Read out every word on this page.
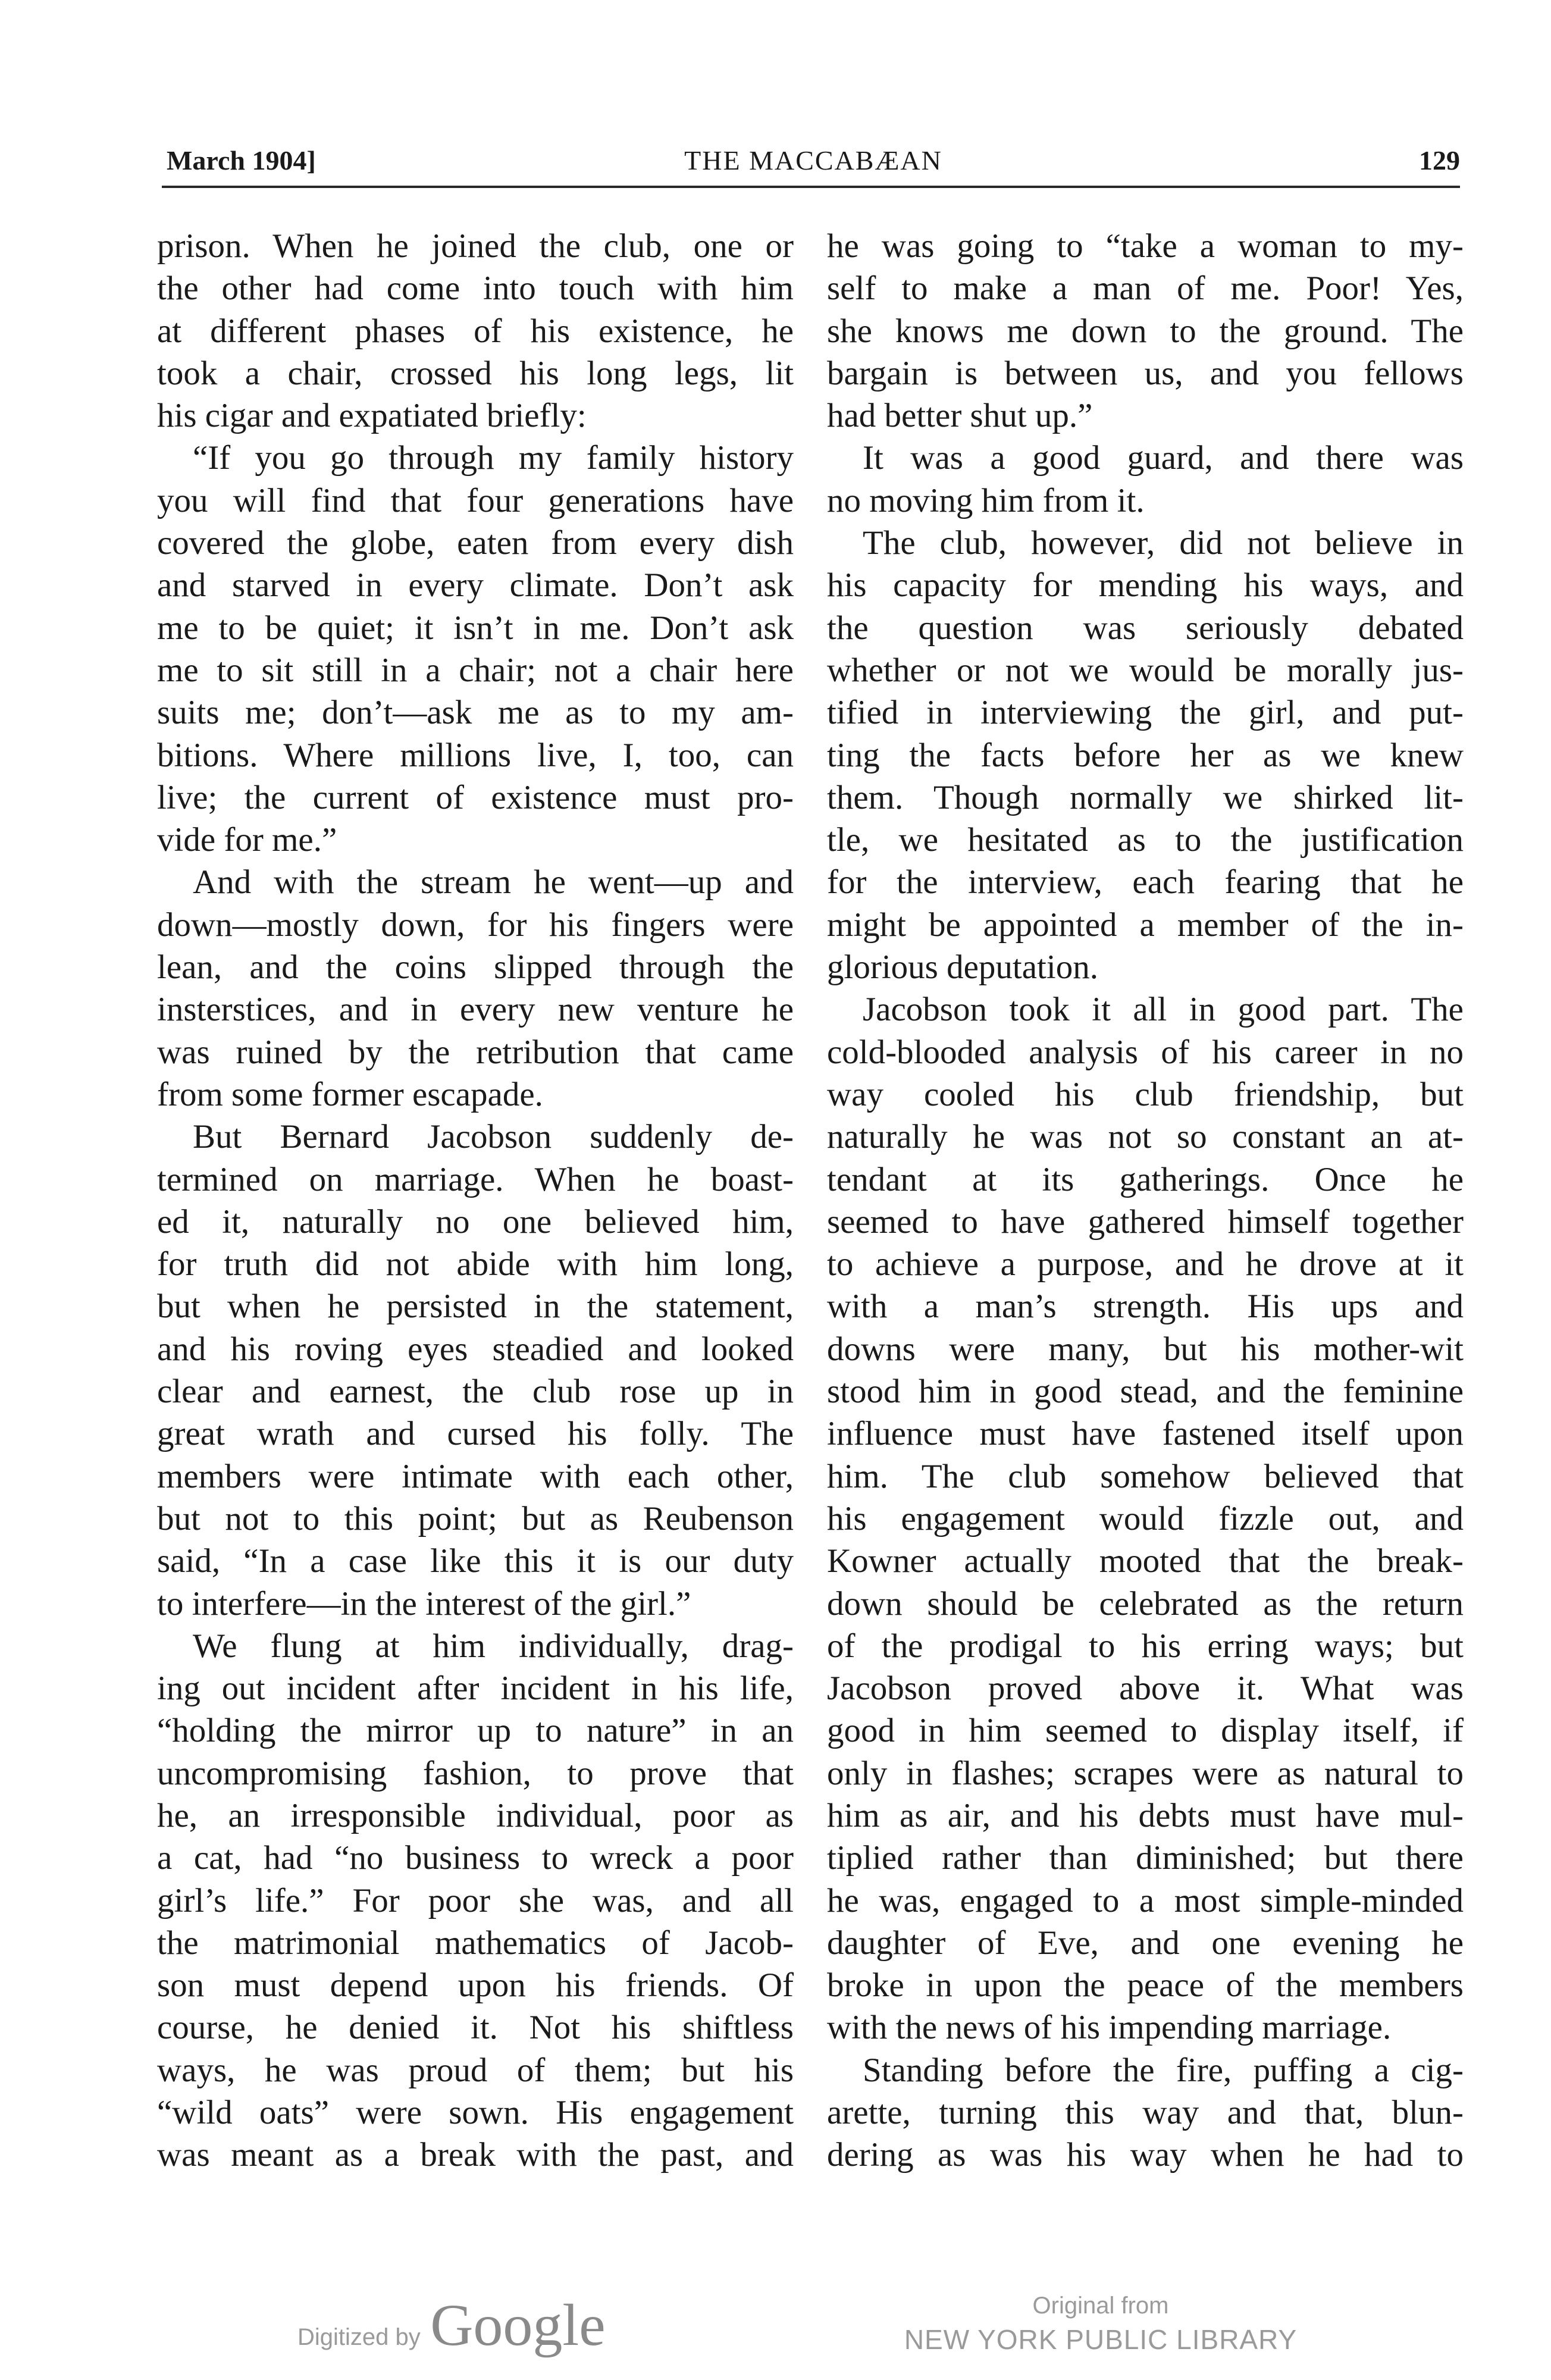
March 1904]	THE MACCABÆAN	129
prison. When he joined the club, one or
the other had come into touch with him
at different phases of his existence, he
took a chair, crossed his long legs, lit
his cigar and expatiated briefly:
“If you go through my family history
you will find that four generations have
covered the globe, eaten from every dish
and starved in every climate. Don’t ask
me to be quiet; it isn’t in me. Don’t ask
me to sit still in a chair; not a chair here
suits me; don’t—ask me as to my am-
bitions. Where millions live, I, too, can
live; the current of existence must pro-
vide for me.”
And with the stream he went—up and
down—mostly down, for his fingers were
lean, and the coins slipped through the
insterstices, and in every new venture he
was ruined by the retribution that came
from some former escapade.
But Bernard Jacobson suddenly de-
termined on marriage. When he boast-
ed it, naturally no one believed him,
for truth did not abide with him long,
but when he persisted in the statement,
and his roving eyes steadied and looked
clear and earnest, the club rose up in
great wrath and cursed his folly. The
members were intimate with each other,
but not to this point; but as Reubenson
said, “In a case like this it is our duty
to interfere—in the interest of the girl.”
We flung at him individually, drag-
ing out incident after incident in his life,
“holding the mirror up to nature” in an
uncompromising fashion, to prove that
he, an irresponsible individual, poor as
a cat, had “no business to wreck a poor
girl’s life.” For poor she was, and all
the matrimonial mathematics of Jacob-
son must depend upon his friends. Of
course, he denied it. Not his shiftless
ways, he was proud of them; but his
“wild oats” were sown. His engagement
was meant as a break with the past, and
he was going to “take a woman to my-
self to make a man of me. Poor! Yes,
she knows me down to the ground. The
bargain is between us, and you fellows
had better shut up.”
It was a good guard, and there was
no moving him from it.
The club, however, did not believe in
his capacity for mending his ways, and
the question was seriously debated
whether or not we would be morally jus-
tified in interviewing the girl, and put-
ting the facts before her as we knew
them. Though normally we shirked lit-
tle, we hesitated as to the justification
for the interview, each fearing that he
might be appointed a member of the in-
glorious deputation.
Jacobson took it all in good part. The
cold-blooded analysis of his career in no
way cooled his club friendship, but
naturally he was not so constant an at-
tendant at its gatherings. Once he
seemed to have gathered himself together
to achieve a purpose, and he drove at it
with a man’s strength. His ups and
downs were many, but his mother-wit
stood him in good stead, and the feminine
influence must have fastened itself upon
him. The club somehow believed that
his engagement would fizzle out, and
Kowner actually mooted that the break-
down should be celebrated as the return
of the prodigal to his erring ways; but
Jacobson proved above it. What was
good in him seemed to display itself, if
only in flashes; scrapes were as natural to
him as air, and his debts must have mul-
tiplied rather than diminished; but there
he was, engaged to a most simple-minded
daughter of Eve, and one evening he
broke in upon the peace of the members
with the news of his impending marriage.
Standing before the fire, puffing a cig-
arette, turning this way and that, blun-
dering as was his way when he had to
Digitized by Google	Original from
NEW YORK PUBLIC LIBRARY
